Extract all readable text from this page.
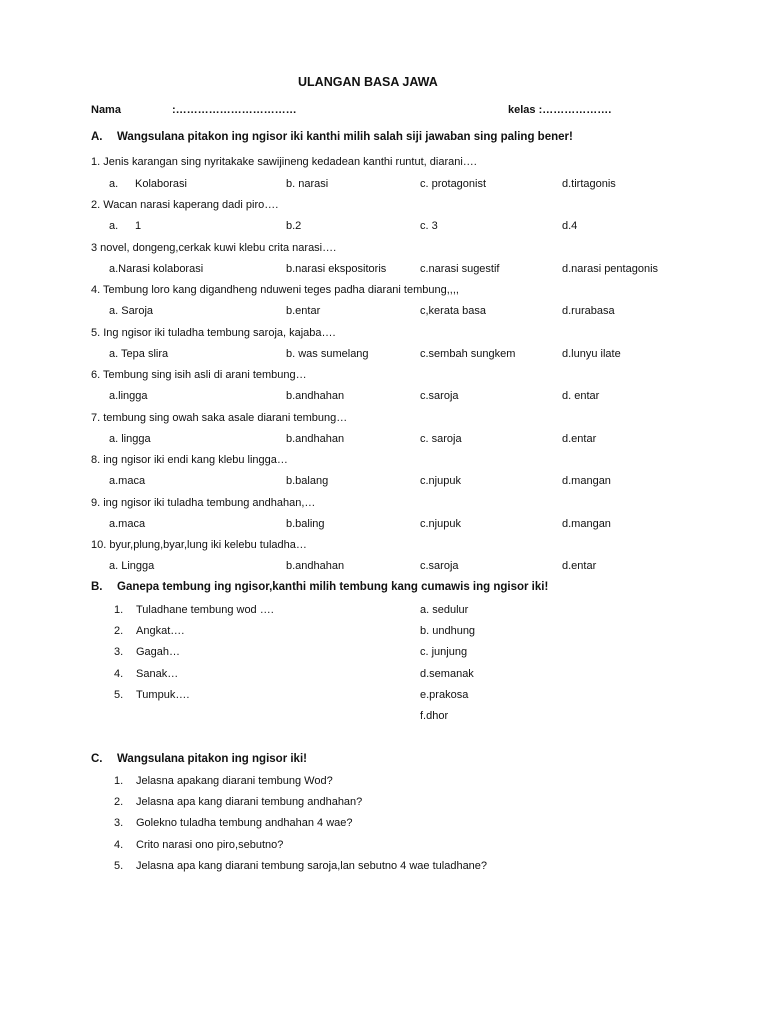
ULANGAN BASA JAWA
Nama	:……………………………	kelas :……………….
A. Wangsulana pitakon ing ngisor iki kanthi milih salah siji jawaban sing paling bener!
1. Jenis karangan sing nyritakake sawijineng kedadean kanthi runtut, diarani….
a. Kolaborasi	b. narasi	c. protagonist	d.tirtagonis
2. Wacan narasi kaperang dadi piro….
a. 1	b.2	c. 3	d.4
3 novel, dongeng,cerkak kuwi klebu crita narasi….
a.Narasi kolaborasi	b.narasi ekspositoris	c.narasi sugestif	d.narasi pentagonis
4. Tembung loro kang digandheng nduweni teges padha diarani tembung,,,,
a. Saroja	b.entar	c,kerata basa	d.rurabasa
5. Ing ngisor iki tuladha tembung saroja, kajaba….
a. Tepa slira	b. was sumelang	c.sembah sungkem	d.lunyu ilate
6. Tembung sing isih asli di arani tembung…
a.lingga	b.andhahan	c.saroja	d. entar
7. tembung sing owah saka asale diarani tembung…
a. lingga	b.andhahan	c. saroja	d.entar
8. ing ngisor iki endi kang klebu lingga…
a.maca	b.balang	c.njupuk	d.mangan
9. ing ngisor iki tuladha tembung andhahan,…
a.maca	b.baling	c.njupuk	d.mangan
10. byur,plung,byar,lung iki kelebu tuladha…
a. Lingga	b.andhahan	c.saroja	d.entar
B. Ganepa tembung ing ngisor,kanthi milih tembung kang cumawis ing ngisor iki!
1. Tuladhane tembung wod ….	a. sedulur
2. Angkat….	b. undhung
3. Gagah…	c. junjung
4. Sanak…	d.semanak
5. Tumpuk….	e.prakosa
f.dhor
C. Wangsulana pitakon ing ngisor iki!
1. Jelasna apakang diarani tembung Wod?
2. Jelasna apa kang diarani tembung andhahan?
3. Golekno tuladha tembung andhahan 4 wae?
4. Crito narasi ono piro,sebutno?
5. Jelasna apa kang diarani tembung saroja,lan sebutno 4 wae tuladhane?
